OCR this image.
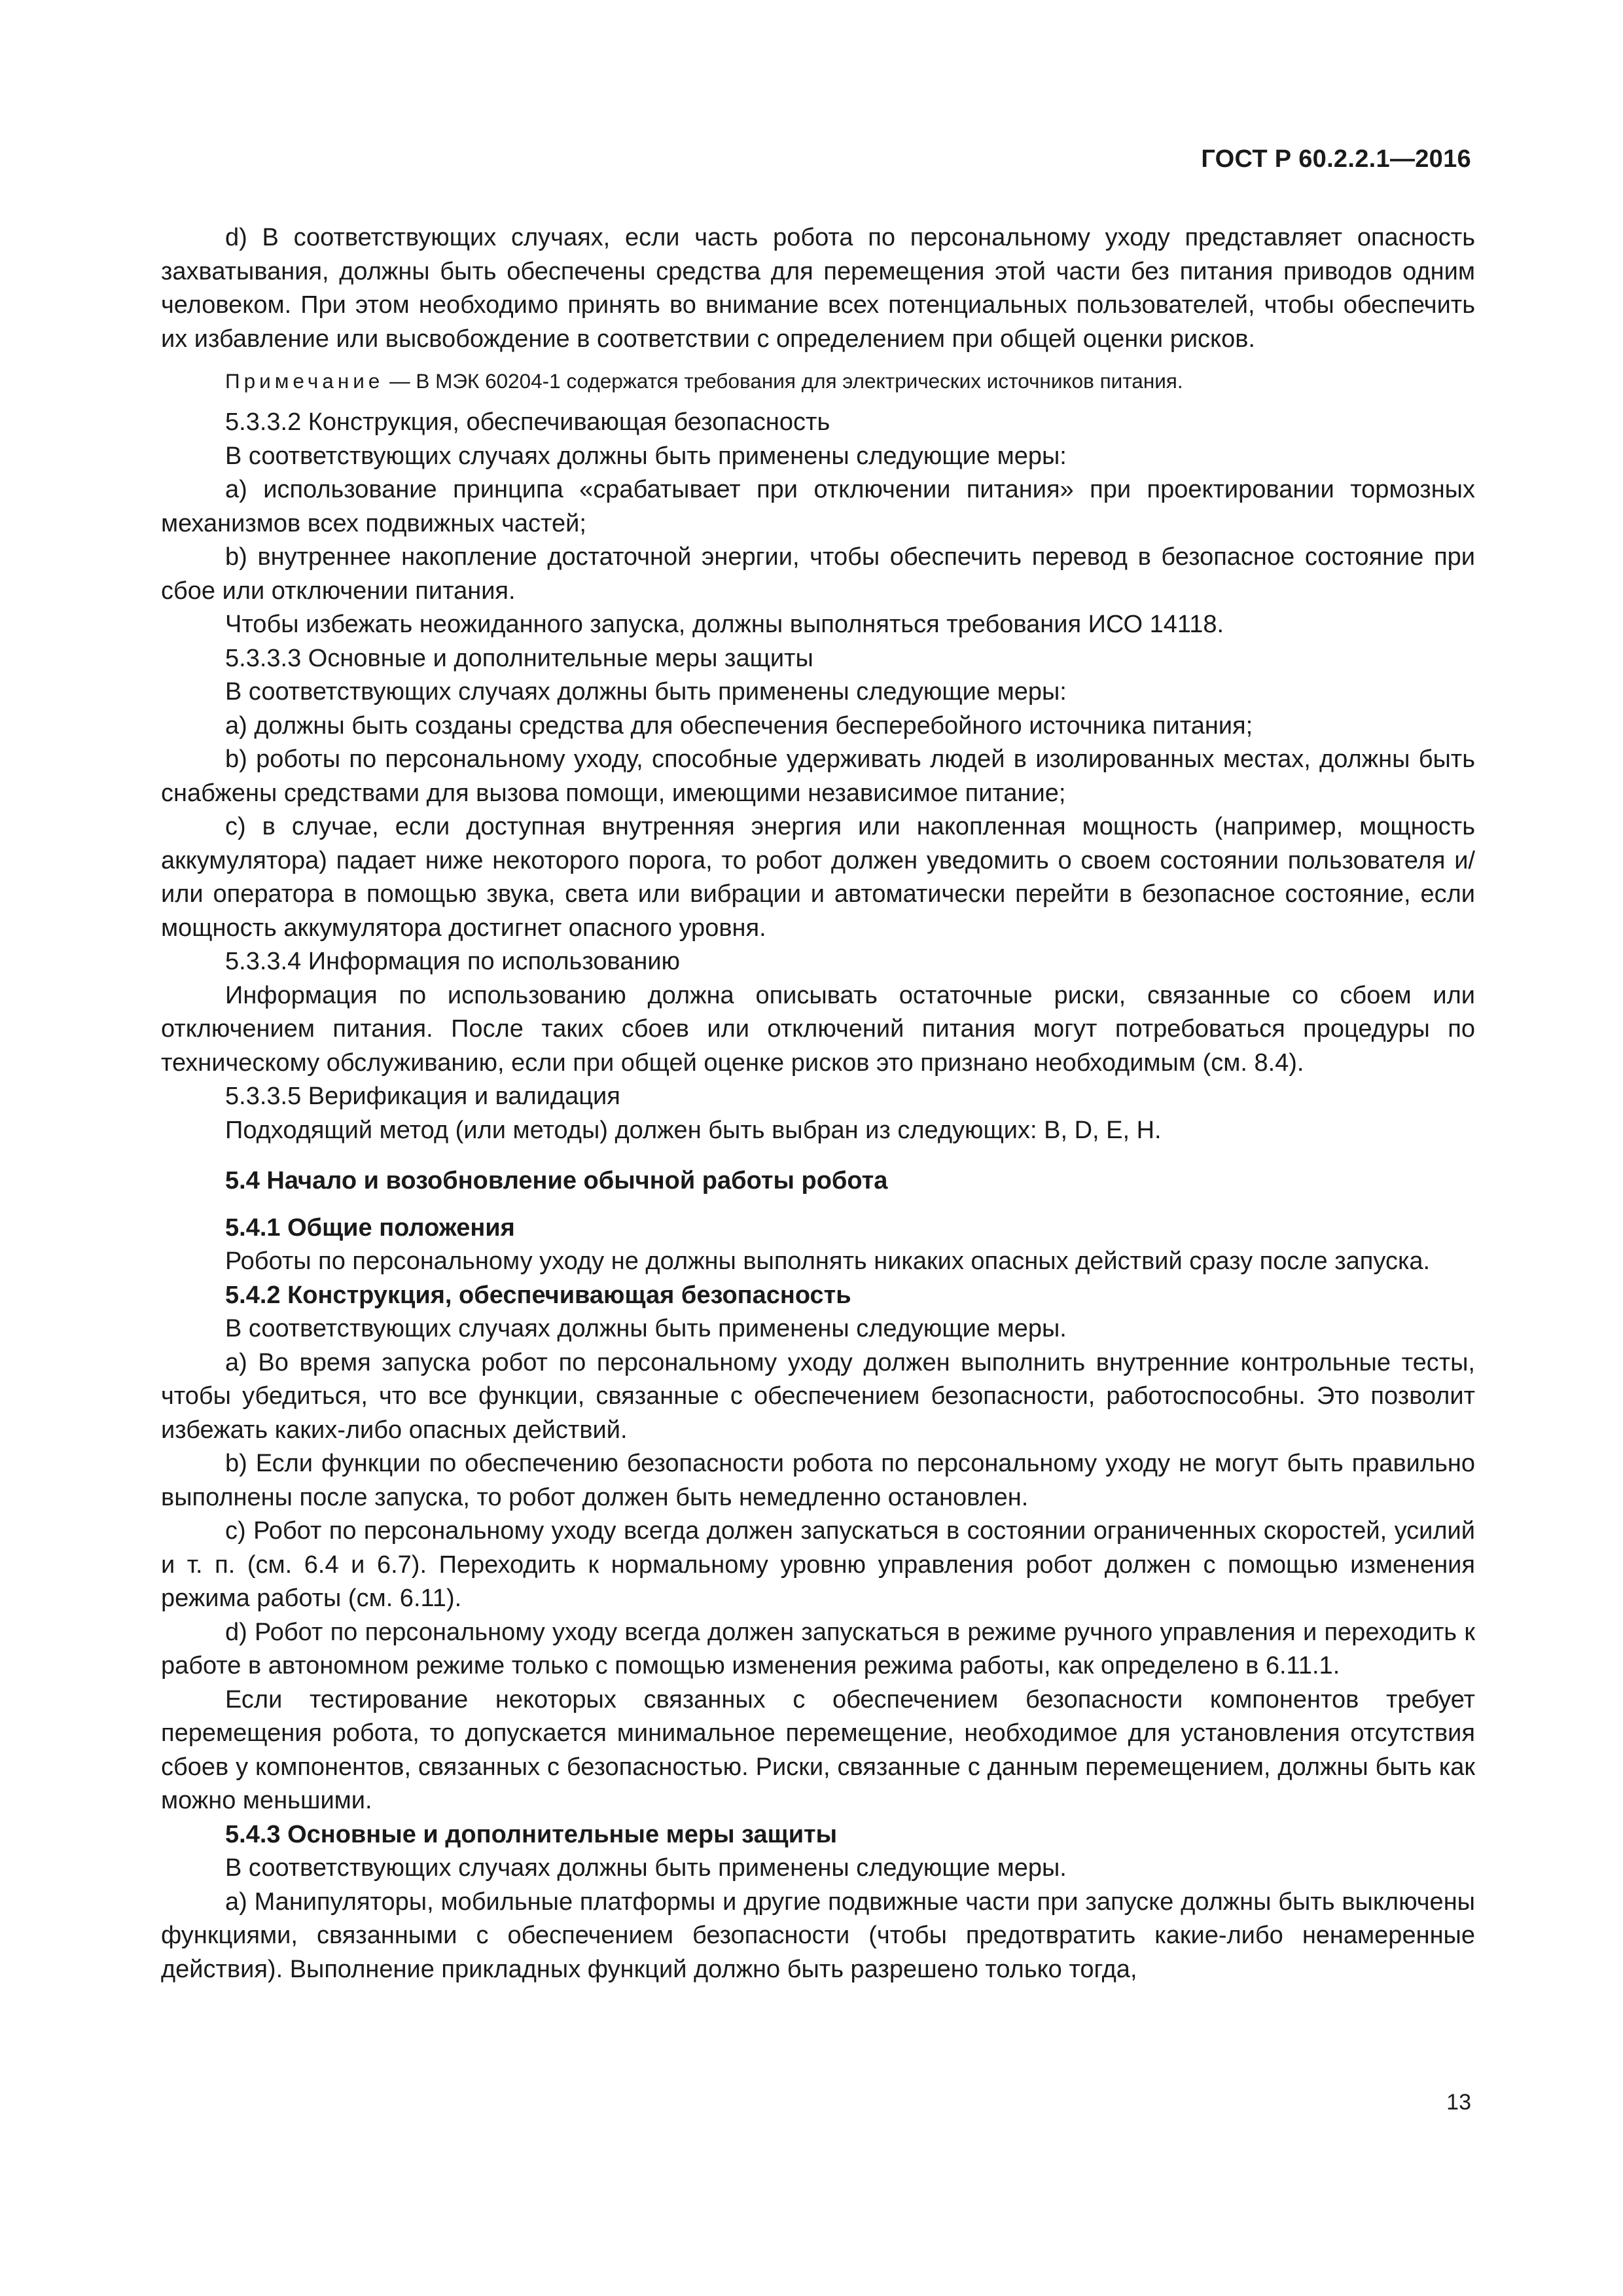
ГОСТ Р 60.2.2.1—2016

d) В соответствующих случаях, если часть робота по персональному уходу представляет опасность захватывания, должны быть обеспечены средства для перемещения этой части без питания приводов одним человеком. При этом необходимо принять во внимание всех потенциальных пользователей, чтобы обеспечить их избавление или высвобождение в соответствии с определением при общей оценки рисков.

Примечание — В МЭК 60204-1 содержатся требования для электрических источников питания.

5.3.3.2 Конструкция, обеспечивающая безопасность

В соответствующих случаях должны быть применены следующие меры:

а) использование принципа «срабатывает при отключении питания» при проектировании тормозных механизмов всех подвижных частей;

b) внутреннее накопление достаточной энергии, чтобы обеспечить перевод в безопасное состояние при сбое или отключении питания.

Чтобы избежать неожиданного запуска, должны выполняться требования ИСО 14118.

5.3.3.3 Основные и дополнительные меры защиты

В соответствующих случаях должны быть применены следующие меры:

а) должны быть созданы средства для обеспечения бесперебойного источника питания;

b) роботы по персональному уходу, способные удерживать людей в изолированных местах, должны быть снабжены средствами для вызова помощи, имеющими независимое питание;

c) в случае, если доступная внутренняя энергия или накопленная мощность (например, мощность аккумулятора) падает ниже некоторого порога, то робот должен уведомить о своем состоянии пользователя и/или оператора в помощью звука, света или вибрации и автоматически перейти в безопасное состояние, если мощность аккумулятора достигнет опасного уровня.

5.3.3.4 Информация по использованию

Информация по использованию должна описывать остаточные риски, связанные со сбоем или отключением питания. После таких сбоев или отключений питания могут потребоваться процедуры по техническому обслуживанию, если при общей оценке рисков это признано необходимым (см. 8.4).

5.3.3.5 Верификация и валидация

Подходящий метод (или методы) должен быть выбран из следующих: В, D, E, H.

5.4 Начало и возобновление обычной работы робота

5.4.1 Общие положения

Роботы по персональному уходу не должны выполнять никаких опасных действий сразу после запуска.

5.4.2 Конструкция, обеспечивающая безопасность

В соответствующих случаях должны быть применены следующие меры.

а) Во время запуска робот по персональному уходу должен выполнить внутренние контрольные тесты, чтобы убедиться, что все функции, связанные с обеспечением безопасности, работоспособны. Это позволит избежать каких-либо опасных действий.

b) Если функции по обеспечению безопасности робота по персональному уходу не могут быть правильно выполнены после запуска, то робот должен быть немедленно остановлен.

c) Робот по персональному уходу всегда должен запускаться в состоянии ограниченных скоростей, усилий и т. п. (см. 6.4 и 6.7). Переходить к нормальному уровню управления робот должен с помощью изменения режима работы (см. 6.11).

d) Робот по персональному уходу всегда должен запускаться в режиме ручного управления и переходить к работе в автономном режиме только с помощью изменения режима работы, как определено в 6.11.1.

Если тестирование некоторых связанных с обеспечением безопасности компонентов требует перемещения робота, то допускается минимальное перемещение, необходимое для установления отсутствия сбоев у компонентов, связанных с безопасностью. Риски, связанные с данным перемещением, должны быть как можно меньшими.

5.4.3 Основные и дополнительные меры защиты

В соответствующих случаях должны быть применены следующие меры.

а) Манипуляторы, мобильные платформы и другие подвижные части при запуске должны быть выключены функциями, связанными с обеспечением безопасности (чтобы предотвратить какие-либо ненамеренные действия). Выполнение прикладных функций должно быть разрешено только тогда,

13
